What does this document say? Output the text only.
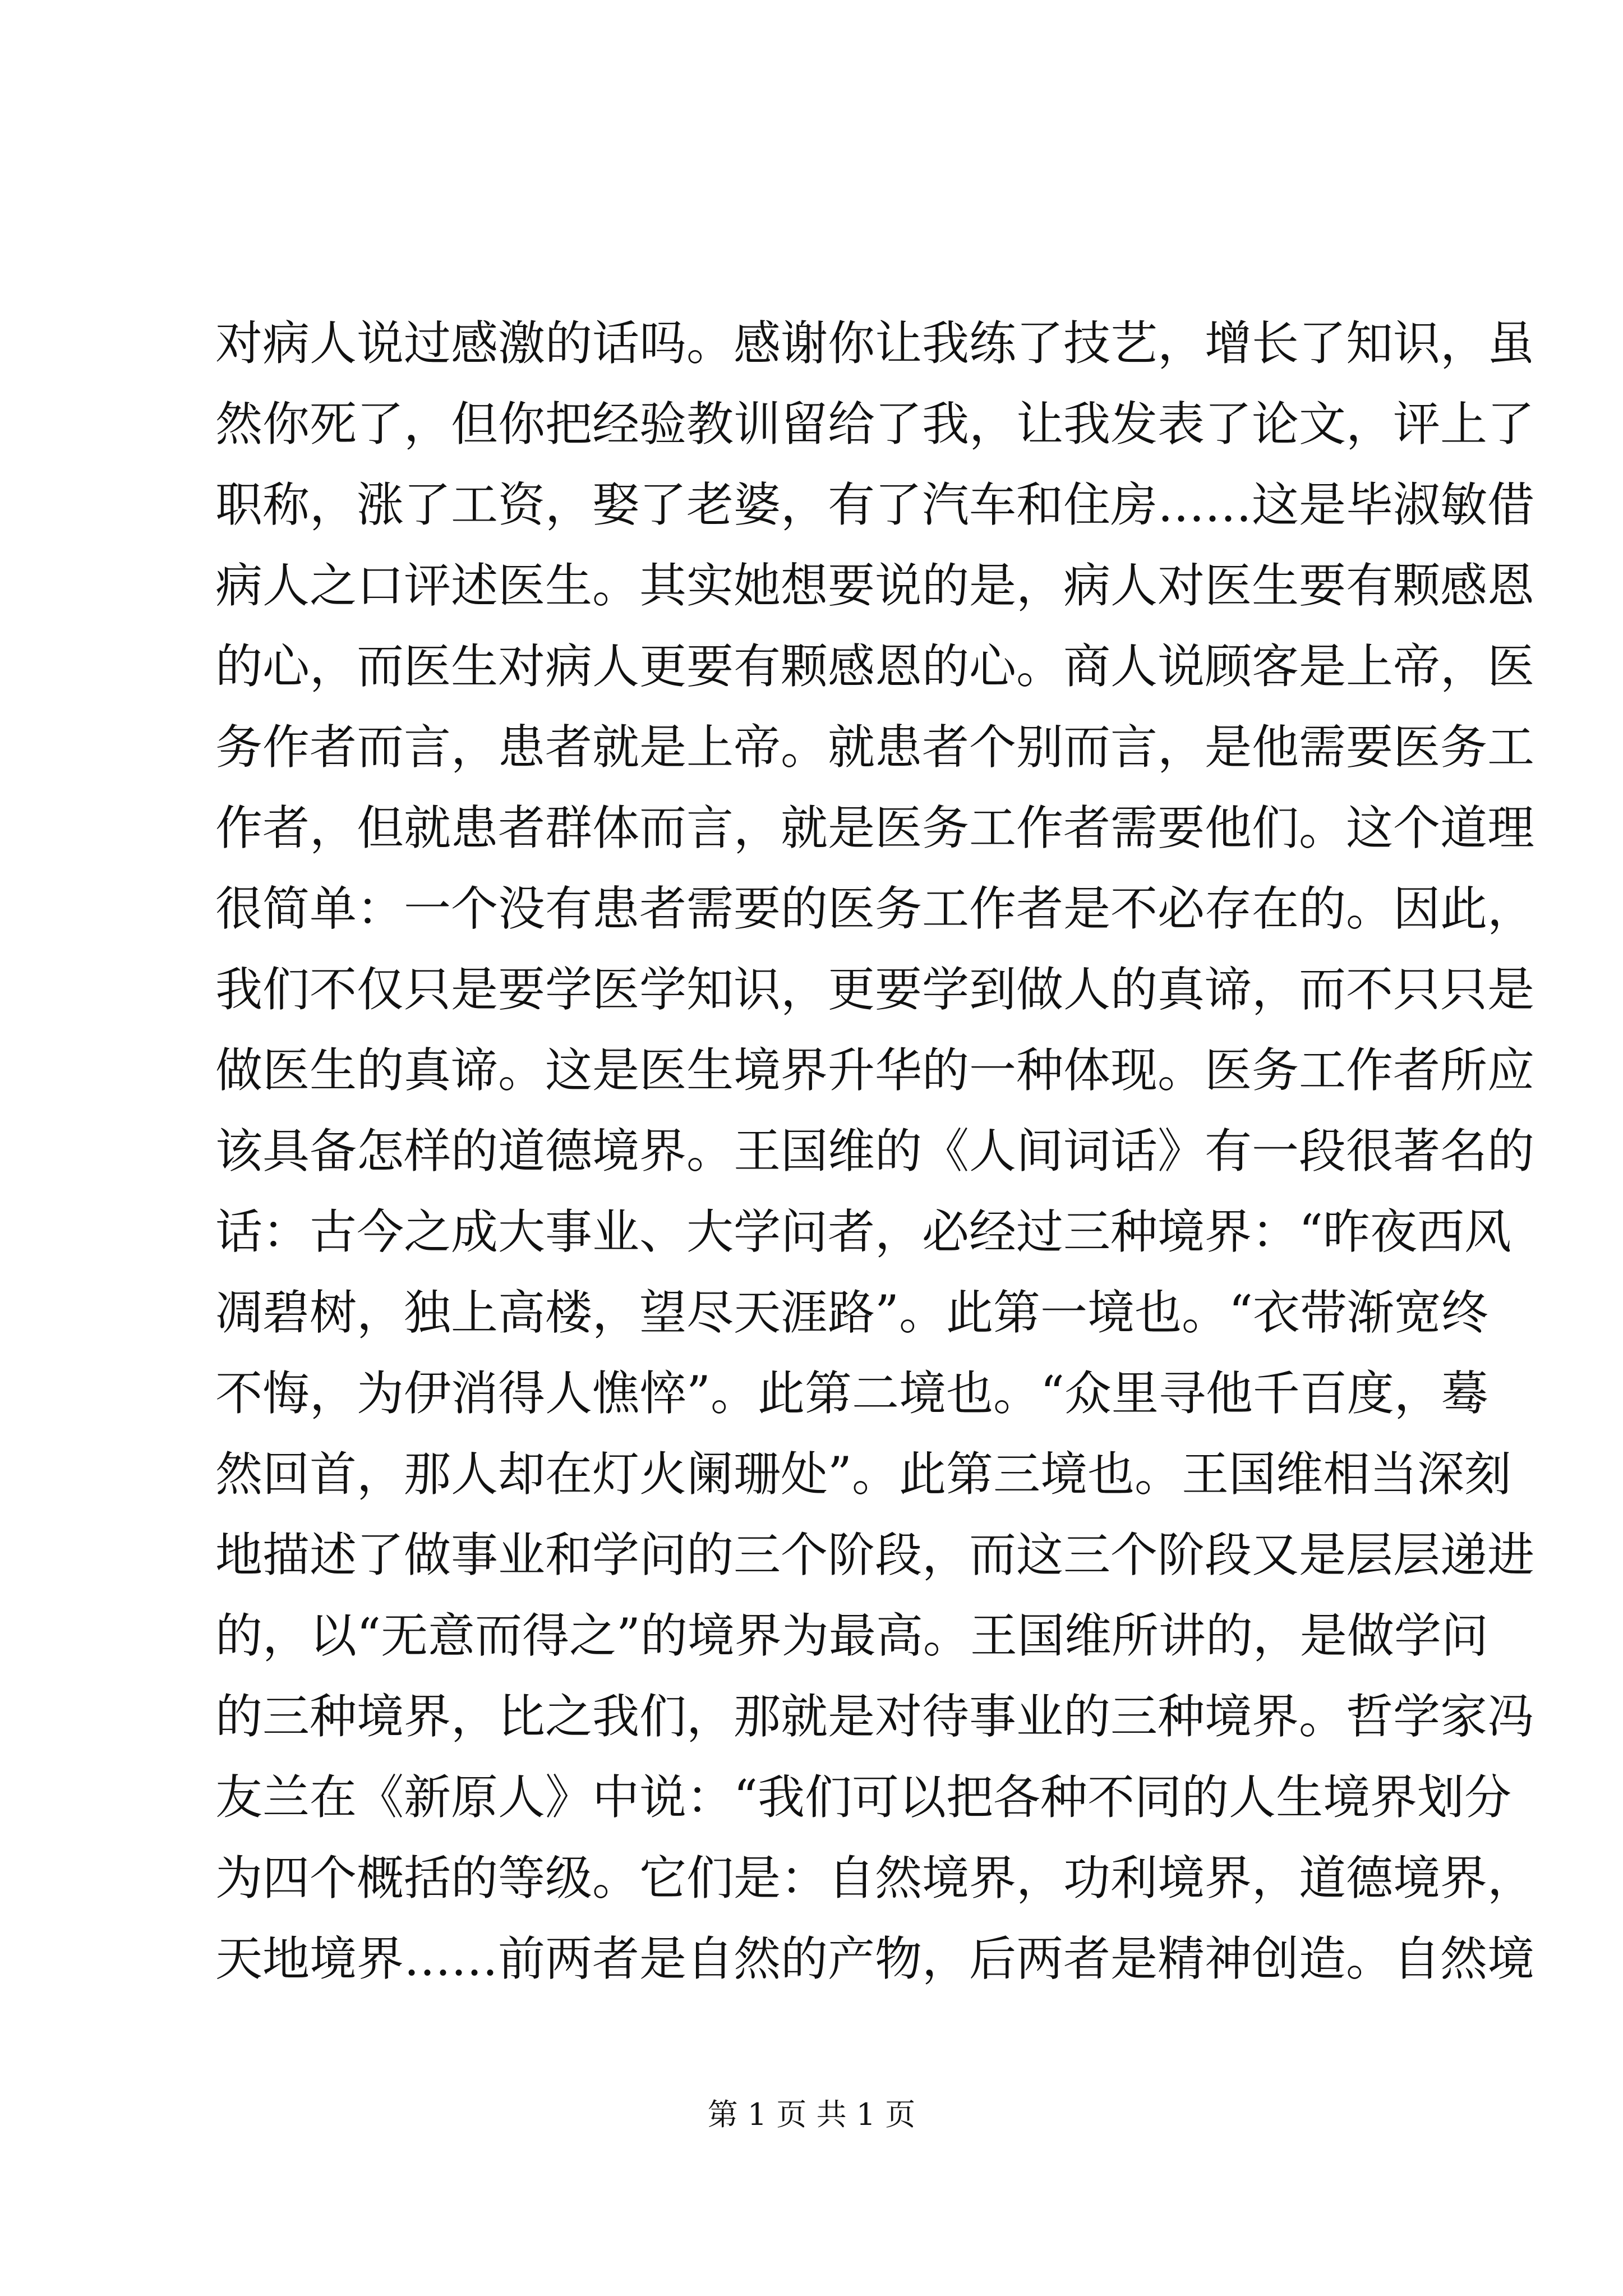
对病人说过感激的话吗。感谢你让我练了技艺，增长了知识，虽
然你死了，但你把经验教训留给了我，让我发表了论文，评上了
职称，涨了工资，娶了老婆，有了汽车和住房……这是毕淑敏借
病人之口评述医生。其实她想要说的是，病人对医生要有颗感恩
的心，而医生对病人更要有颗感恩的心。商人说顾客是上帝，医
务作者而言，患者就是上帝。就患者个别而言，是他需要医务工
作者，但就患者群体而言，就是医务工作者需要他们。这个道理
很简单：一个没有患者需要的医务工作者是不必存在的。因此，
我们不仅只是要学医学知识，更要学到做人的真谛，而不只只是
做医生的真谛。这是医生境界升华的一种体现。医务工作者所应
该具备怎样的道德境界。王国维的《人间词话》有一段很著名的
话：古今之成大事业、大学问者，必经过三种境界：“昨夜西风
凋碧树，独上高楼，望尽天涯路”。此第一境也。“衣带渐宽终
不悔，为伊消得人憔悴”。此第二境也。“众里寻他千百度，蓦
然回首，那人却在灯火阑珊处”。此第三境也。王国维相当深刻
地描述了做事业和学问的三个阶段，而这三个阶段又是层层递进
的，以“无意而得之”的境界为最高。王国维所讲的，是做学问
的三种境界，比之我们，那就是对待事业的三种境界。哲学家冯
友兰在《新原人》中说：“我们可以把各种不同的人生境界划分
为四个概括的等级。它们是：自然境界，功利境界，道德境界，
天地境界……前两者是自然的产物，后两者是精神创造。自然境
第 1 页 共 1 页
